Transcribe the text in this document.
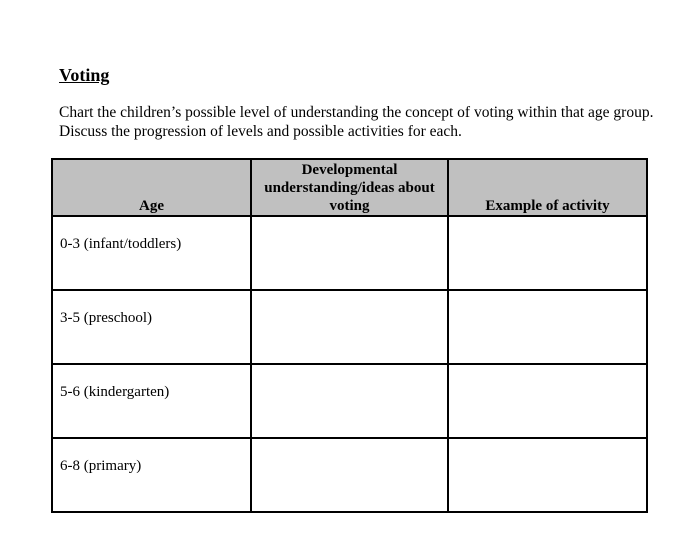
Voting

Chart the children’s possible level of understanding the concept of voting within that age group. Discuss the progression of levels and possible activities for each.

Age	Developmental understanding/ideas about voting	Example of activity
0-3 (infant/toddlers)		
3-5 (preschool)		
5-6 (kindergarten)		
6-8 (primary)		
